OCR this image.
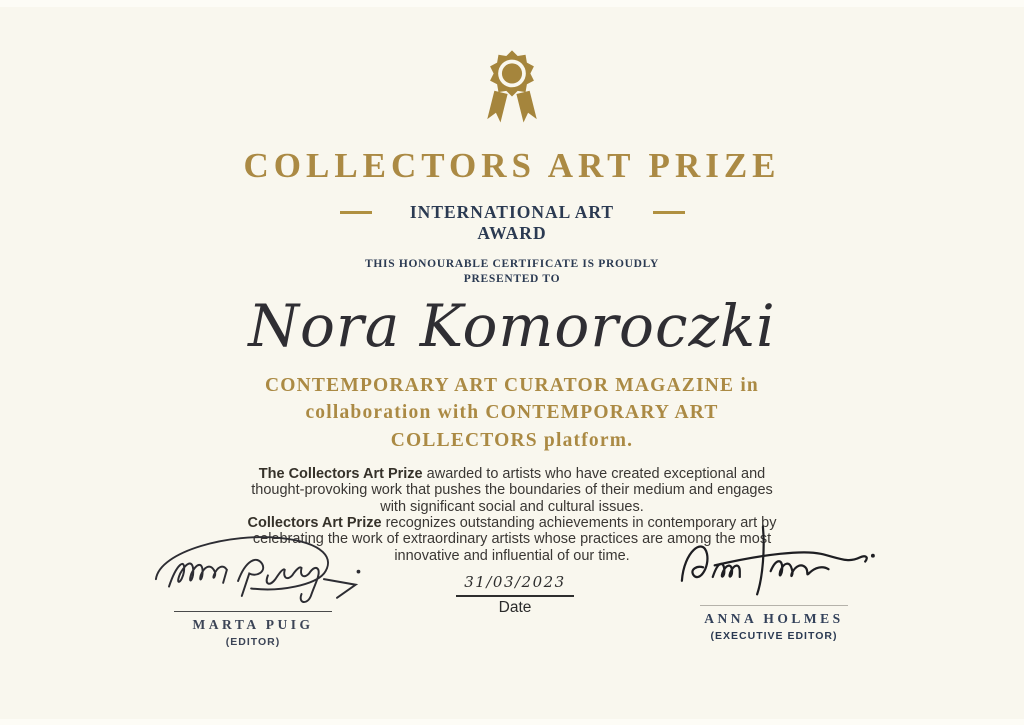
COLLECTORS ART PRIZE
INTERNATIONAL ART AWARD
THIS HONOURABLE CERTIFICATE IS PROUDLY PRESENTED TO
Nora Komoroczki
CONTEMPORARY ART CURATOR MAGAZINE in collaboration with CONTEMPORARY ART COLLECTORS platform.

The Collectors Art Prize awarded to artists who have created exceptional and thought-provoking work that pushes the boundaries of their medium and engages with significant social and cultural issues.

Collectors Art Prize recognizes outstanding achievements in contemporary art by celebrating the work of extraordinary artists whose practices are among the most innovative and influential of our time.

MARTA PUIG
(EDITOR)
31/03/2023
Date
ANNA HOLMES
(EXECUTIVE EDITOR)
